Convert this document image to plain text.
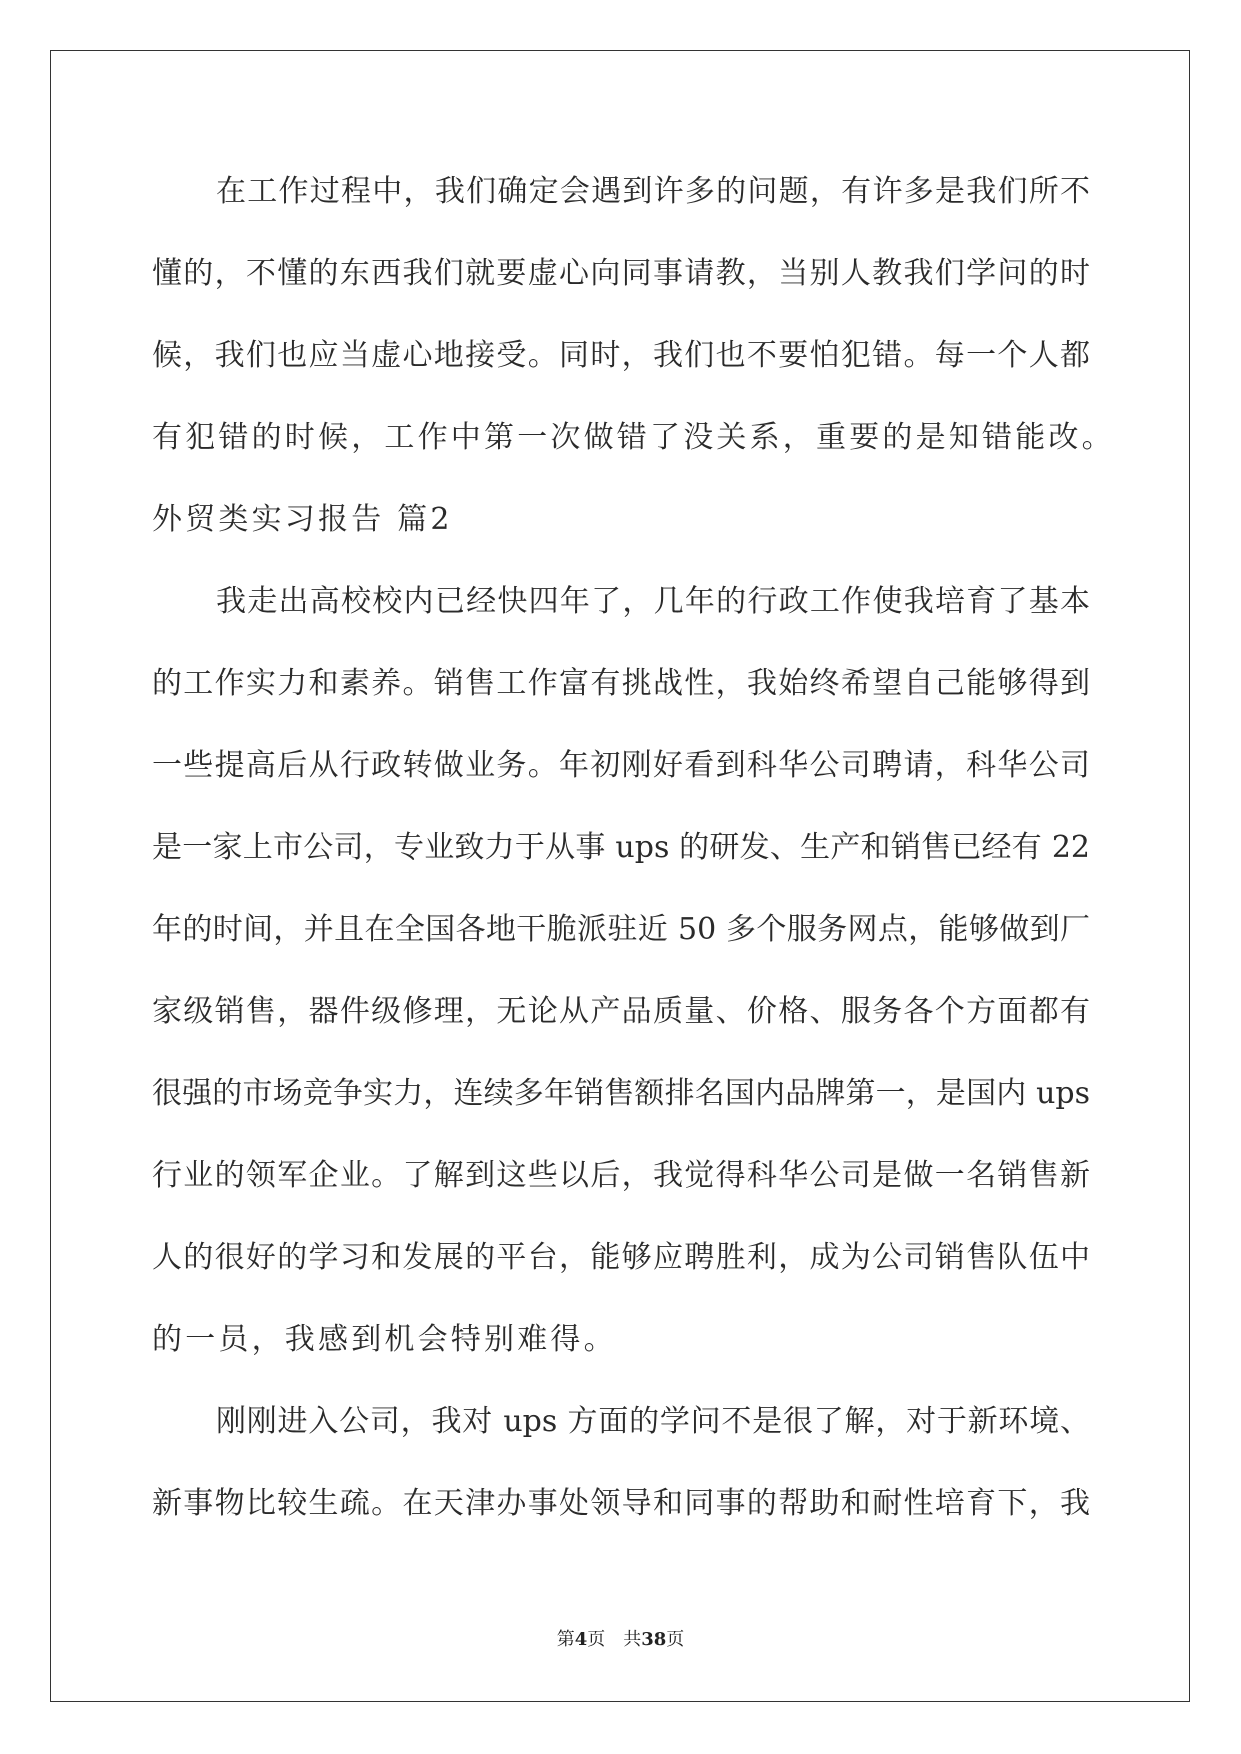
在工作过程中，我们确定会遇到许多的问题，有许多是我们所不
懂的，不懂的东西我们就要虚心向同事请教，当别人教我们学问的时
候，我们也应当虚心地接受。同时，我们也不要怕犯错。每一个人都
有犯错的时候，工作中第一次做错了没关系，重要的是知错能改。
外贸类实习报告 篇2
我走出高校校内已经快四年了，几年的行政工作使我培育了基本
的工作实力和素养。销售工作富有挑战性，我始终希望自己能够得到
一些提高后从行政转做业务。年初刚好看到科华公司聘请，科华公司
是一家上市公司，专业致力于从事 ups 的研发、生产和销售已经有 22
年的时间，并且在全国各地干脆派驻近 50 多个服务网点，能够做到厂
家级销售，器件级修理，无论从产品质量、价格、服务各个方面都有
很强的市场竞争实力，连续多年销售额排名国内品牌第一，是国内 ups
行业的领军企业。了解到这些以后，我觉得科华公司是做一名销售新
人的很好的学习和发展的平台，能够应聘胜利，成为公司销售队伍中
的一员，我感到机会特别难得。
刚刚进入公司，我对 ups 方面的学问不是很了解，对于新环境、
新事物比较生疏。在天津办事处领导和同事的帮助和耐性培育下，我
第4页　共38页
